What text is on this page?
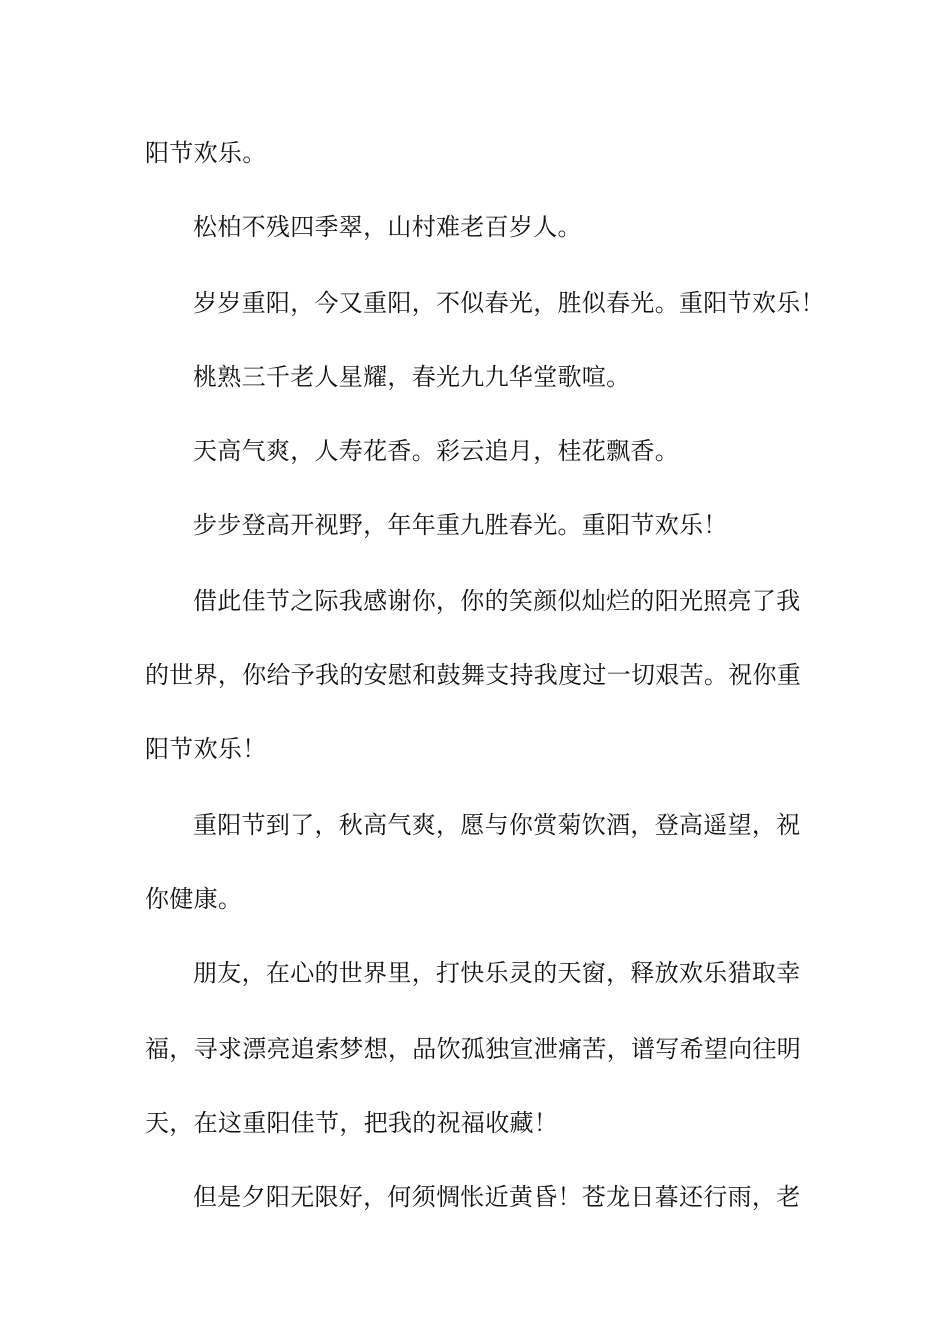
阳节欢乐。
松柏不残四季翠，山村难老百岁人。
岁岁重阳，今又重阳，不似春光，胜似春光。重阳节欢乐！
桃熟三千老人星耀，春光九九华堂歌喧。
天高气爽，人寿花香。彩云追月，桂花飘香。
步步登高开视野，年年重九胜春光。重阳节欢乐！
借此佳节之际我感谢你，你的笑颜似灿烂的阳光照亮了我
的世界，你给予我的安慰和鼓舞支持我度过一切艰苦。祝你重
阳节欢乐！
重阳节到了，秋高气爽，愿与你赏菊饮酒，登高遥望，祝
你健康。
朋友，在心的世界里，打快乐灵的天窗，释放欢乐猎取幸
福，寻求漂亮追索梦想，品饮孤独宣泄痛苦，谱写希望向往明
天，在这重阳佳节，把我的祝福收藏！
但是夕阳无限好，何须惆怅近黄昏！苍龙日暮还行雨，老
